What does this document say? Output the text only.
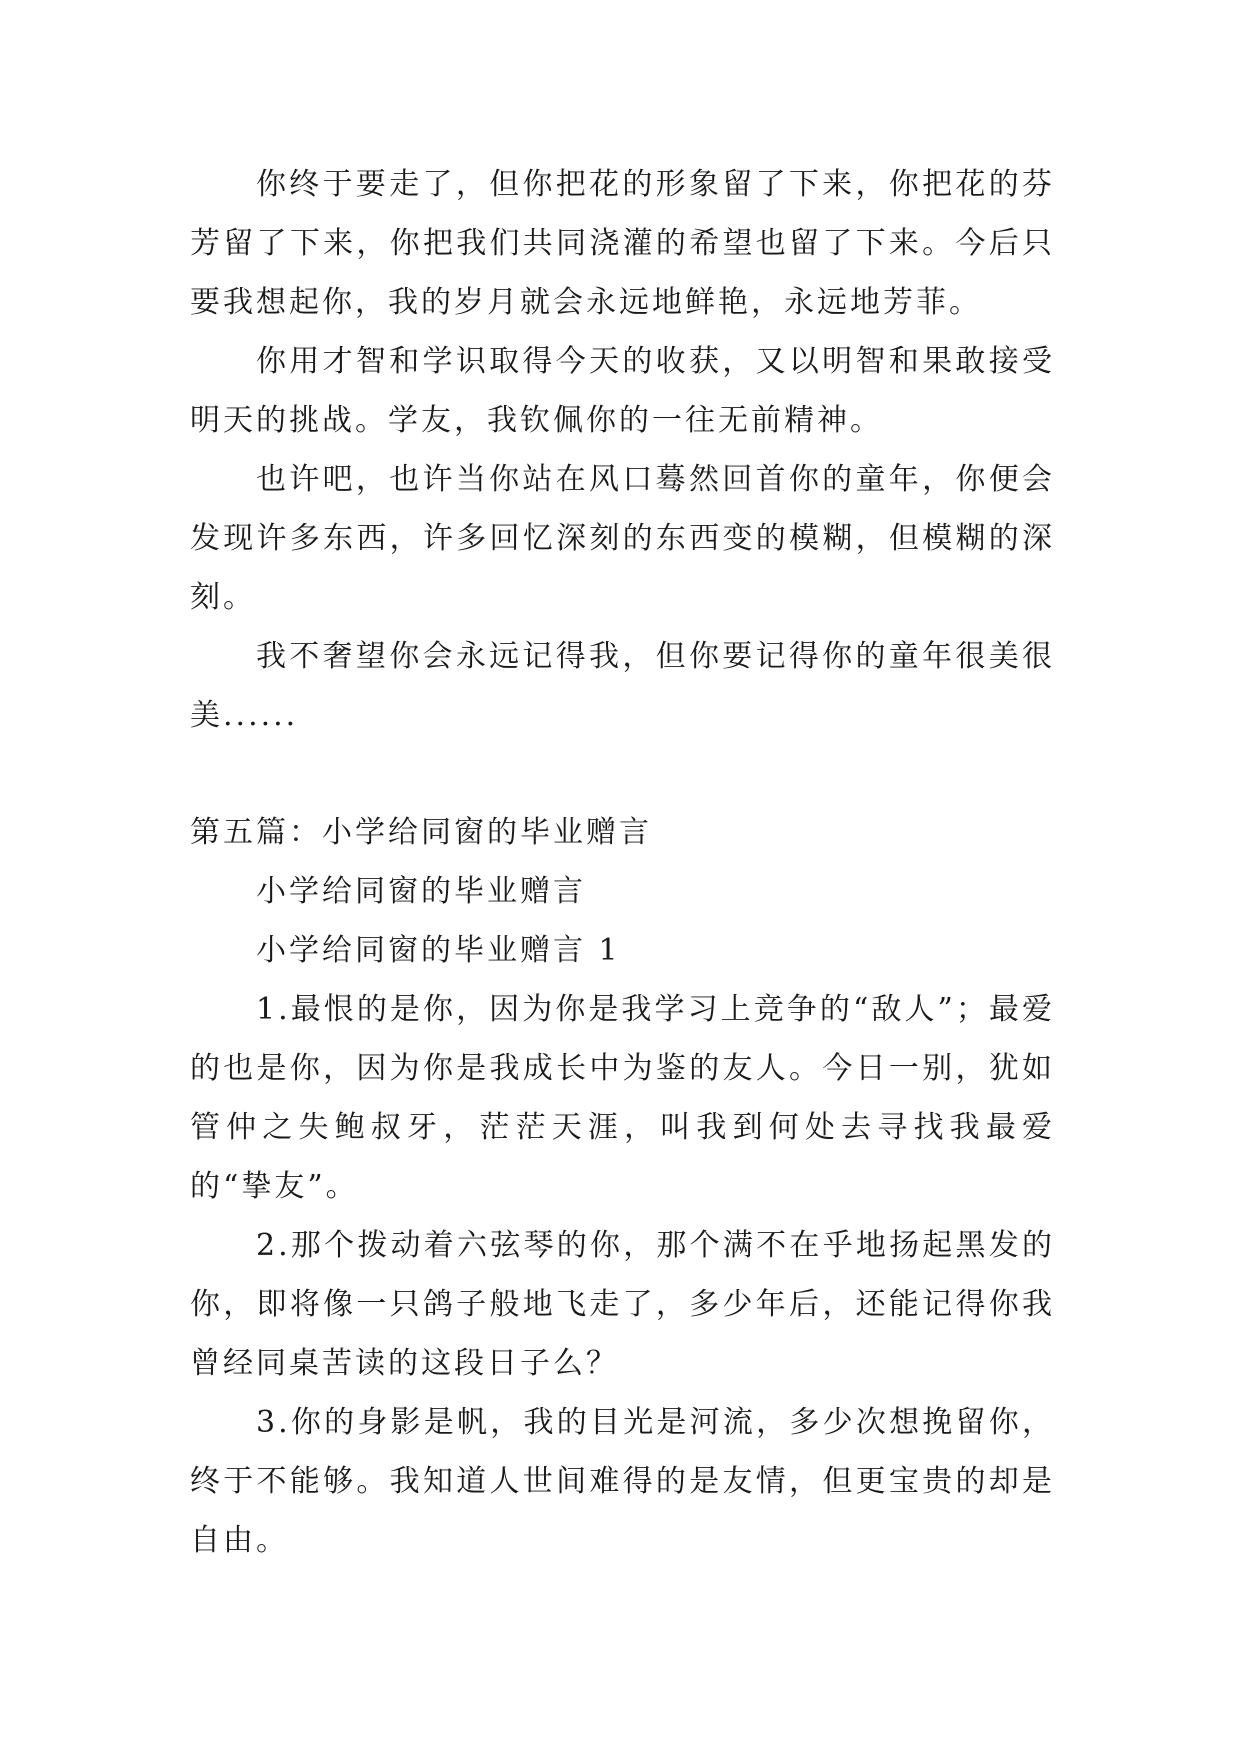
你终于要走了，但你把花的形象留了下来，你把花的芬芳留了下来，你把我们共同浇灌的希望也留了下来。今后只要我想起你，我的岁月就会永远地鲜艳，永远地芳菲。

你用才智和学识取得今天的收获，又以明智和果敢接受明天的挑战。学友，我钦佩你的一往无前精神。

也许吧，也许当你站在风口蓦然回首你的童年，你便会发现许多东西，许多回忆深刻的东西变的模糊，但模糊的深刻。

我不奢望你会永远记得我，但你要记得你的童年很美很美......

第五篇：小学给同窗的毕业赠言

小学给同窗的毕业赠言

小学给同窗的毕业赠言 1

1.最恨的是你，因为你是我学习上竞争的“敌人”；最爱的也是你，因为你是我成长中为鉴的友人。今日一别，犹如管仲之失鲍叔牙，茫茫天涯，叫我到何处去寻找我最爱的“挚友”。

2.那个拨动着六弦琴的你，那个满不在乎地扬起黑发的你，即将像一只鸽子般地飞走了，多少年后，还能记得你我曾经同桌苦读的这段日子么？

3.你的身影是帆，我的目光是河流，多少次想挽留你，终于不能够。我知道人世间难得的是友情，但更宝贵的却是自由。
